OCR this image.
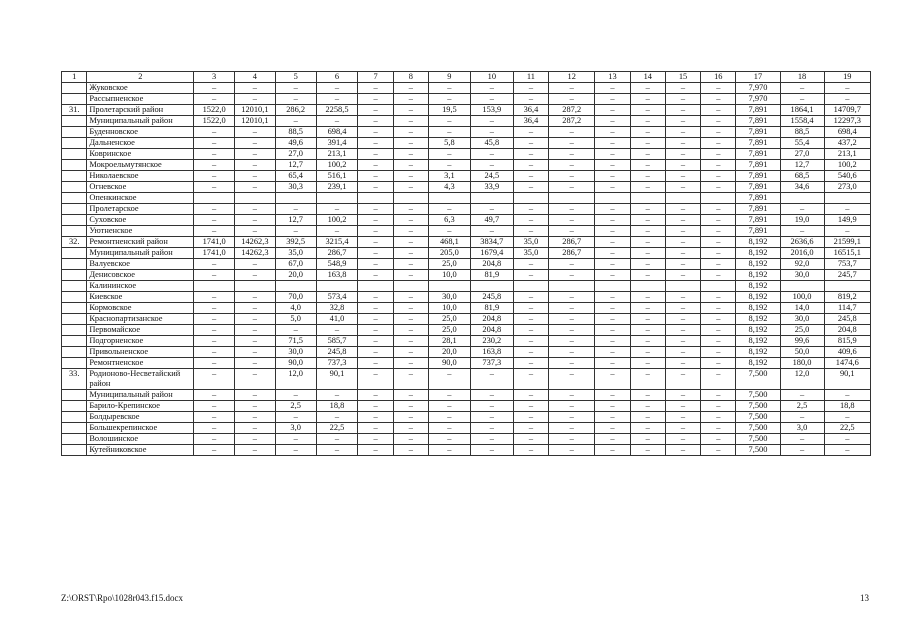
1	2	3	4	5	6	7	8	9	10	11	12	13	14	15	16	17	18	19
	Жуковское	–	–	–	–	–	–	–	–	–	–	–	–	–	–	7,970	–	–
	Рассыпненское	–	–	–	–	–	–	–	–	–	–	–	–	–	–	7,970	–	–
31.	Пролетарский район	1522,0	12010,1	286,2	2258,5	–	–	19,5	153,9	36,4	287,2	–	–	–	–	7,891	1864,1	14709,7
	Муниципальный район	1522,0	12010,1	–	–	–	–	–	–	36,4	287,2	–	–	–	–	7,891	1558,4	12297,3
	Буденновское	–	–	88,5	698,4	–	–	–	–	–	–	–	–	–	–	7,891	88,5	698,4
	Дальненское	–	–	49,6	391,4	–	–	5,8	45,8	–	–	–	–	–	–	7,891	55,4	437,2
	Ковринское	–	–	27,0	213,1	–	–	–	–	–	–	–	–	–	–	7,891	27,0	213,1
	Мокроельмутянское	–	–	12,7	100,2	–	–	–	–	–	–	–	–	–	–	7,891	12,7	100,2
	Николаевское	–	–	65,4	516,1	–	–	3,1	24,5	–	–	–	–	–	–	7,891	68,5	540,6
	Огневское	–	–	30,3	239,1	–	–	4,3	33,9	–	–	–	–	–	–	7,891	34,6	273,0
	Опенкинское															7,891		
	Пролетарское	–	–	–	–	–	–	–	–	–	–	–	–	–	–	7,891	–	–
	Суховское	–	–	12,7	100,2	–	–	6,3	49,7	–	–	–	–	–	–	7,891	19,0	149,9
	Уютненское	–	–	–	–	–	–	–	–	–	–	–	–	–	–	7,891	–	–
32.	Ремонтненский район	1741,0	14262,3	392,5	3215,4	–	–	468,1	3834,7	35,0	286,7	–	–	–	–	8,192	2636,6	21599,1
	Муниципальный район	1741,0	14262,3	35,0	286,7	–	–	205,0	1679,4	35,0	286,7	–	–	–	–	8,192	2016,0	16515,1
	Валуевское	–	–	67,0	548,9	–	–	25,0	204,8	–	–	–	–	–	–	8,192	92,0	753,7
	Денисовское	–	–	20,0	163,8	–	–	10,0	81,9	–	–	–	–	–	–	8,192	30,0	245,7
	Калининское															8,192		
	Киевское	–	–	70,0	573,4	–	–	30,0	245,8	–	–	–	–	–	–	8,192	100,0	819,2
	Кормовское	–	–	4,0	32,8	–	–	10,0	81,9	–	–	–	–	–	–	8,192	14,0	114,7
	Краснопартизанское	–	–	5,0	41,0	–	–	25,0	204,8	–	–	–	–	–	–	8,192	30,0	245,8
	Первомайское	–	–	–	–	–	–	25,0	204,8	–	–	–	–	–	–	8,192	25,0	204,8
	Подгорненское	–	–	71,5	585,7	–	–	28,1	230,2	–	–	–	–	–	–	8,192	99,6	815,9
	Привольненское	–	–	30,0	245,8	–	–	20,0	163,8	–	–	–	–	–	–	8,192	50,0	409,6
	Ремонтненское	–	–	90,0	737,3	–	–	90,0	737,3	–	–	–	–	–	–	8,192	180,0	1474,6
33.	Родионово-Несветайский район	–	–	12,0	90,1	–	–	–	–	–	–	–	–	–	–	7,500	12,0	90,1
	Муниципальный район	–	–	–	–	–	–	–	–	–	–	–	–	–	–	7,500	–	–
	Барило-Крепинское	–	–	2,5	18,8	–	–	–	–	–	–	–	–	–	–	7,500	2,5	18,8
	Болдыревское	–	–	–	–	–	–	–	–	–	–	–	–	–	–	7,500	–	–
	Большекрепинское	–	–	3,0	22,5	–	–	–	–	–	–	–	–	–	–	7,500	3,0	22,5
	Волошинское	–	–	–	–	–	–	–	–	–	–	–	–	–	–	7,500	–	–
	Кутейниковское	–	–	–	–	–	–	–	–	–	–	–	–	–	–	7,500	–	–
Z:\ORST\Rpo\1028r043.f15.docx	13
